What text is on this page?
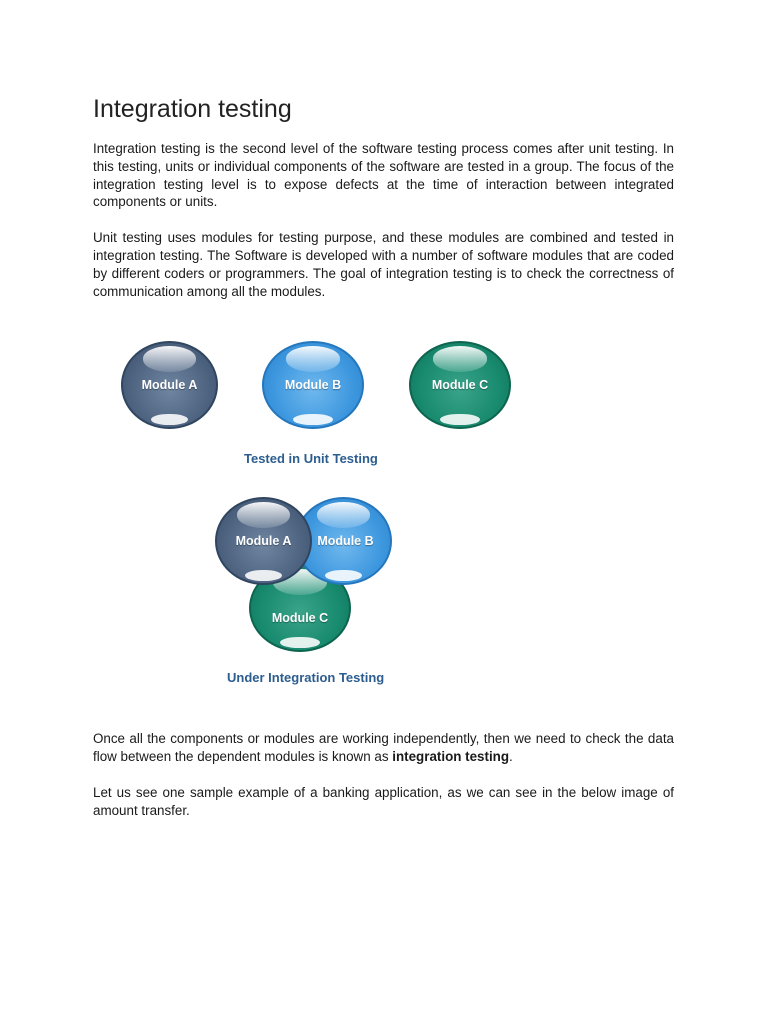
Integration testing

Integration testing is the second level of the software testing process comes after unit testing. In this testing, units or individual components of the software are tested in a group. The focus of the integration testing level is to expose defects at the time of interaction between integrated components or units.

Unit testing uses modules for testing purpose, and these modules are combined and tested in integration testing. The Software is developed with a number of software modules that are coded by different coders or programmers. The goal of integration testing is to check the correctness of communication among all the modules.

Module A	Module B	Module C
Tested in Unit Testing
Module C
Module B
Module A
Under Integration Testing

Once all the components or modules are working independently, then we need to check the data flow between the dependent modules is known as integration testing.

Let us see one sample example of a banking application, as we can see in the below image of amount transfer.
